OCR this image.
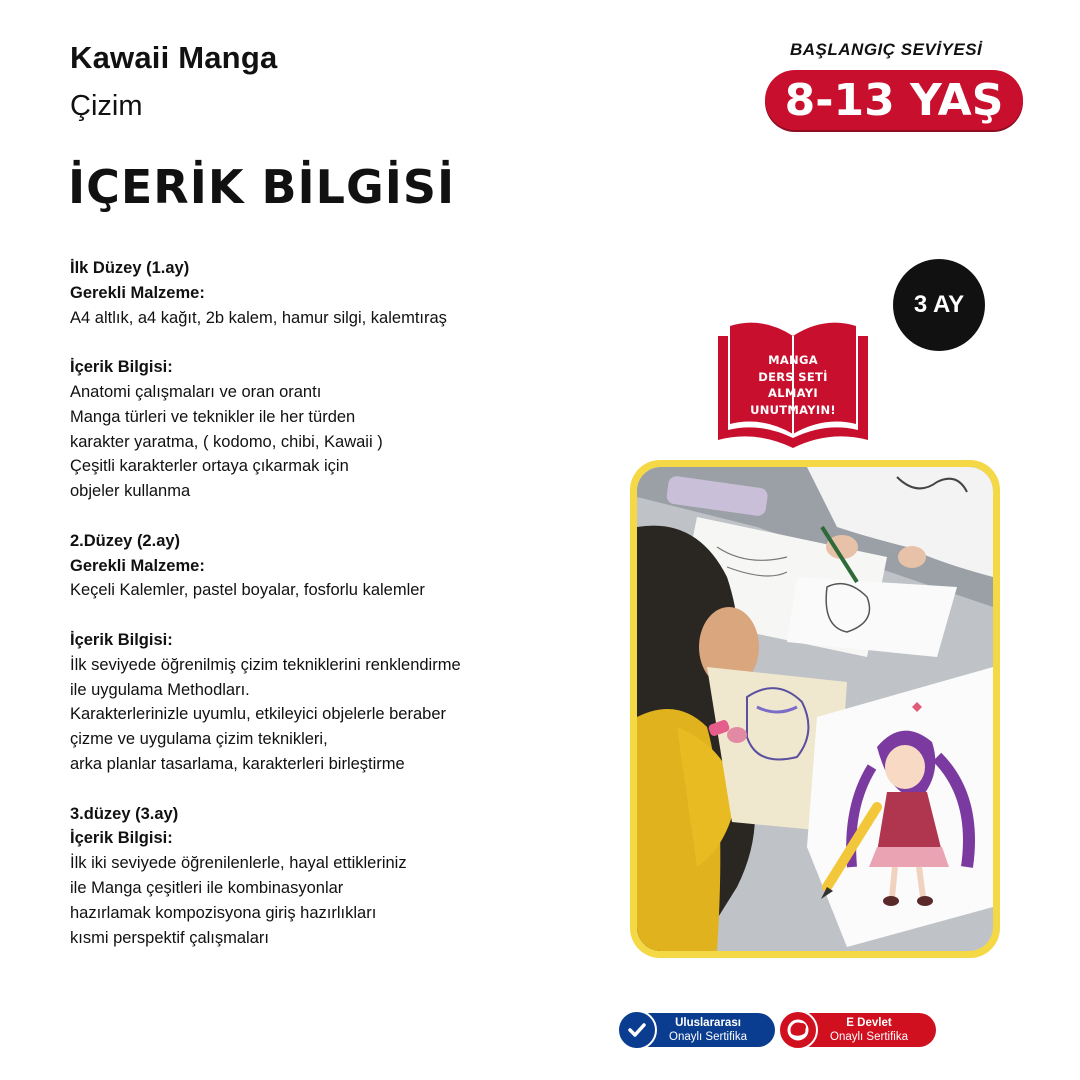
Kawaii Manga
Çizim
İÇERİK BİLGİSİ
BAŞLANGIÇ SEVİYESİ
8-13 YAŞ
İlk Düzey (1.ay)
Gerekli Malzeme:
A4 altlık, a4 kağıt, 2b kalem, hamur silgi, kalemtıraş
İçerik Bilgisi:
Anatomi çalışmaları ve oran orantı
Manga türleri ve teknikler ile her türden
karakter yaratma, ( kodomo, chibi, Kawaii )
Çeşitli karakterler ortaya çıkarmak için
objeler kullanma
2.Düzey (2.ay)
Gerekli Malzeme:
Keçeli Kalemler, pastel boyalar, fosforlu kalemler
İçerik Bilgisi:
İlk seviyede öğrenilmiş çizim tekniklerini renklendirme
ile uygulama Methodları.
Karakterlerinizle uyumlu, etkileyici objelerle beraber
çizme ve uygulama çizim teknikleri,
arka planlar tasarlama, karakterleri birleştirme
3.düzey (3.ay)
İçerik Bilgisi:
İlk iki seviyede öğrenilenlerle, hayal ettikleriniz
ile Manga çeşitleri ile kombinasyonlar
hazırlamak kompozisyona giriş hazırlıkları
kısmi perspektif çalışmaları
3 AY
MANGA
DERS SETİ
ALMAYI
UNUTMAYIN!
Uluslararası
Onaylı Sertifika
E Devlet
Onaylı Sertifika
